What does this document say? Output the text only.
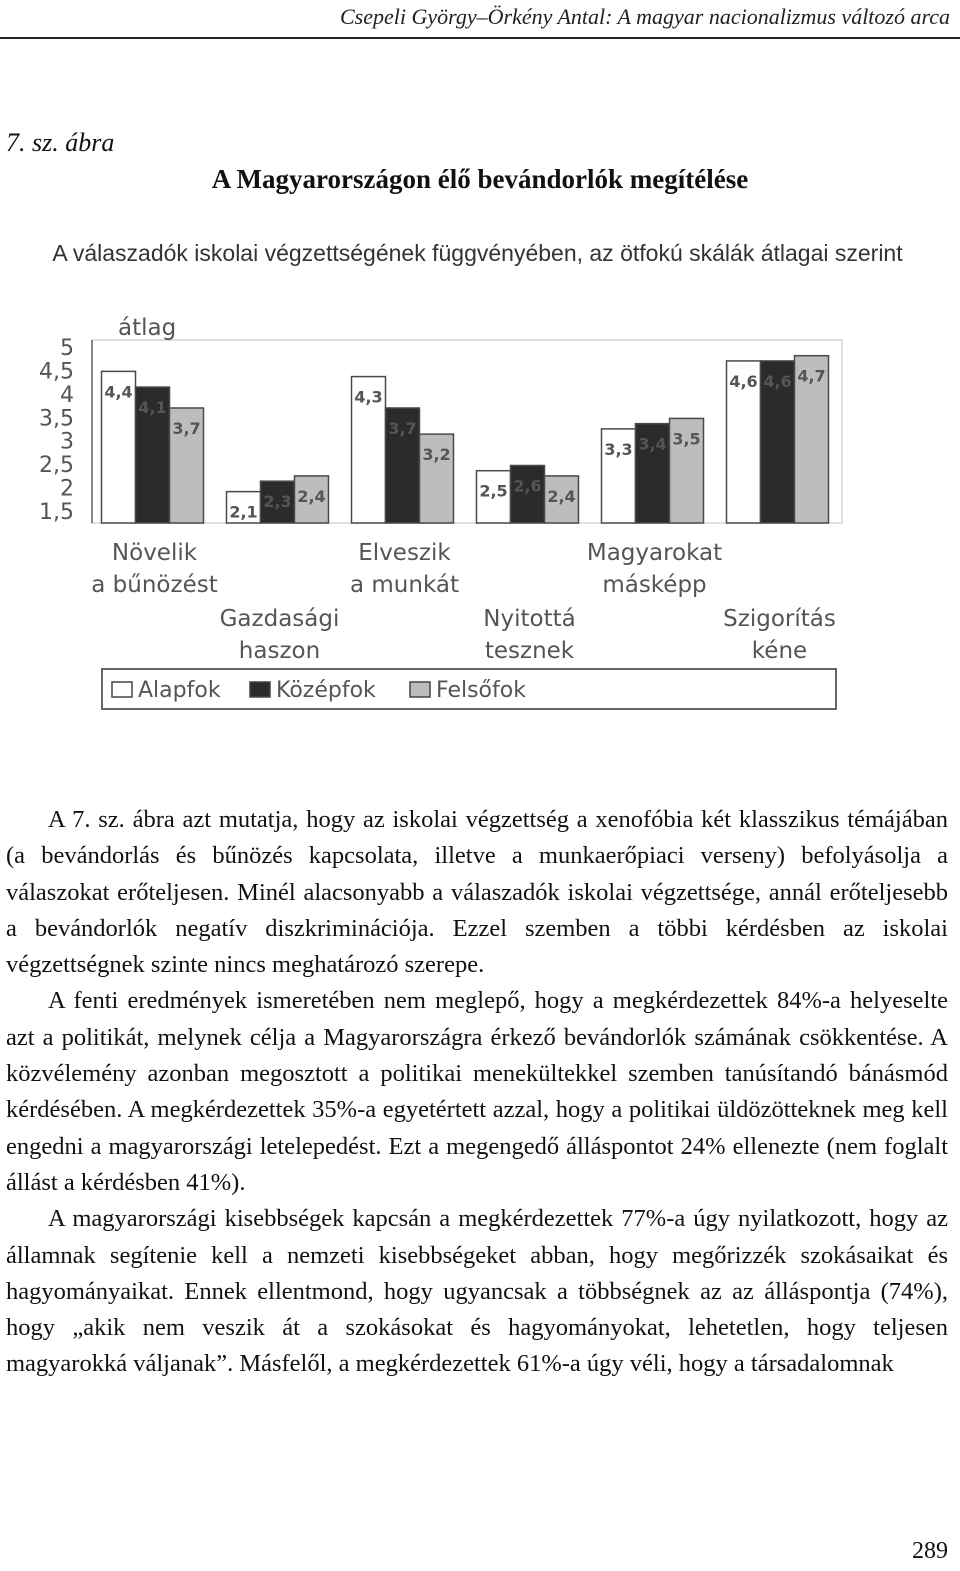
Csepeli György–Örkény Antal: A magyar nacionalizmus változó arca
7. sz. ábra
A Magyarországon élő bevándorlók megítélése
A válaszadók iskolai végzettségének függvényében, az ötfokú skálák átlagai szerint
átlag
5
4,5
4
3,5
3
2,5
2
1,5
4,4
4,1
3,7
2,1
2,3 2,4
4,3
3,7
3,2
2,5 2,6
2,4
3,3 3,4 3,5
4,6 4,6 4,7
Növelik
a bűnözést
Gazdasági
haszon
Elveszik
a munkát
Nyitottá
tesznek
Magyarokat
másképp
Szigorítás
kéne
Alapfok	Középfok	Felsőfok

A 7. sz. ábra azt mutatja, hogy az iskolai végzettség a xenofóbia két klasszikus témájában (a bevándorlás és bűnözés kapcsolata, illetve a munkaerőpiaci verseny) befolyásolja a válaszokat erőteljesen. Minél alacsonyabb a válaszadók iskolai végzettsége, annál erőteljesebb a bevándorlók negatív diszkriminációja. Ezzel szemben a többi kérdésben az iskolai végzettségnek szinte nincs meghatározó szerepe.

A fenti eredmények ismeretében nem meglepő, hogy a megkérdezettek 84%-a helyeselte azt a politikát, melynek célja a Magyarországra érkező bevándorlók számának csökkentése. A közvélemény azonban megosztott a politikai menekültekkel szemben tanúsítandó bánásmód kérdésében. A megkérdezettek 35%-a egyetértett azzal, hogy a politikai üldözötteknek meg kell engedni a magyarországi letelepedést. Ezt a megengedő álláspontot 24% ellenezte (nem foglalt állást a kérdésben 41%).

A magyarországi kisebbségek kapcsán a megkérdezettek 77%-a úgy nyilatkozott, hogy az államnak segítenie kell a nemzeti kisebbségeket abban, hogy megőrizzék szokásaikat és hagyományaikat. Ennek ellentmond, hogy ugyancsak a többségnek az az álláspontja (74%), hogy „akik nem veszik át a szokásokat és hagyományokat, lehetetlen, hogy teljesen magyarokká váljanak”. Másfelől, a megkérdezettek 61%-a úgy véli, hogy a társadalomnak

289
